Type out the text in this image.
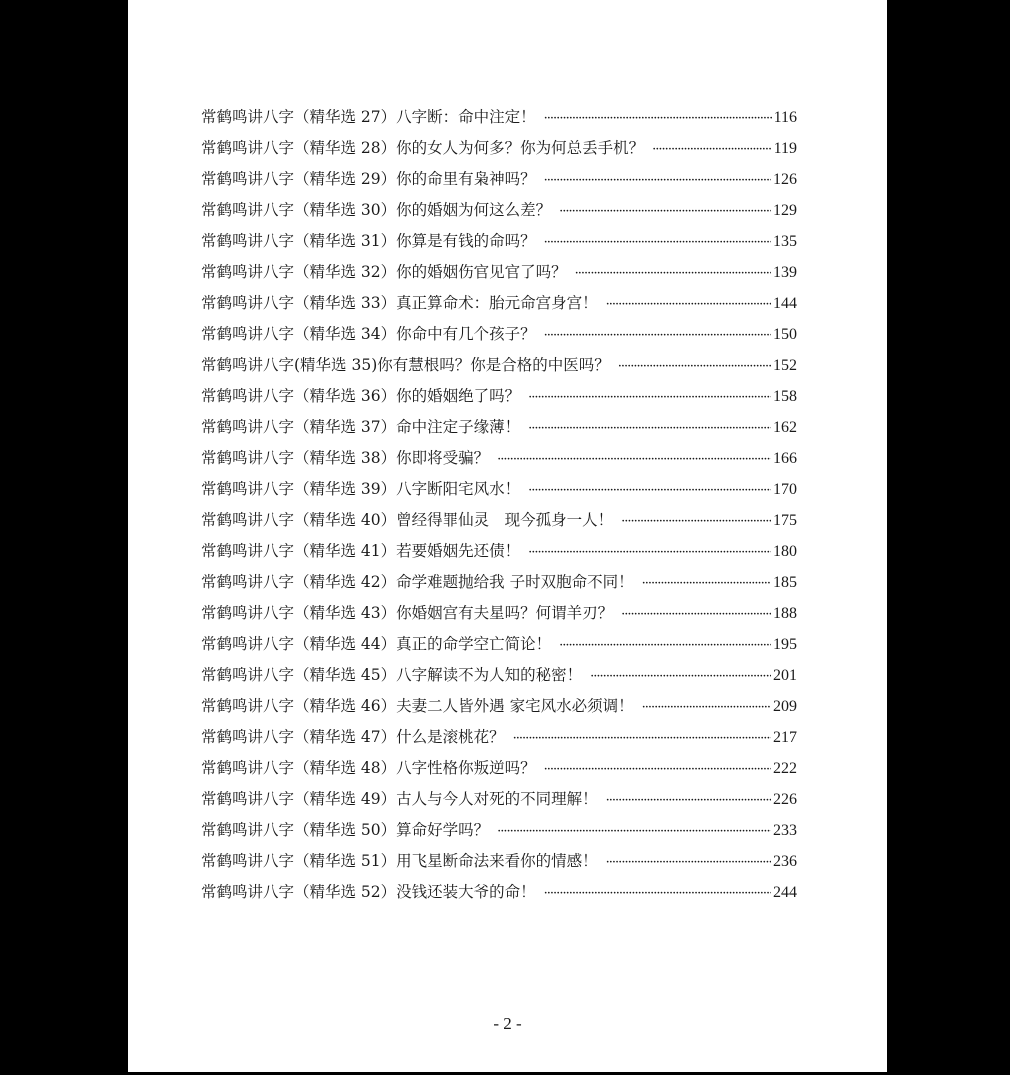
常鹤鸣讲八字（精华选 27）八字断：命中注定！ ·····	116
常鹤鸣讲八字（精华选 28）你的女人为何多？你为何总丢手机？ ·····	119
常鹤鸣讲八字（精华选 29）你的命里有枭神吗？ ·····	126
常鹤鸣讲八字（精华选 30）你的婚姻为何这么差？ ·····	129
常鹤鸣讲八字（精华选 31）你算是有钱的命吗？ ·····	135
常鹤鸣讲八字（精华选 32）你的婚姻伤官见官了吗？ ·····	139
常鹤鸣讲八字（精华选 33）真正算命术：胎元命宫身宫！ ·····	144
常鹤鸣讲八字（精华选 34）你命中有几个孩子？ ·····	150
常鹤鸣讲八字(精华选 35)你有慧根吗？你是合格的中医吗？ ·····	152
常鹤鸣讲八字（精华选 36）你的婚姻绝了吗？ ·····	158
常鹤鸣讲八字（精华选 37）命中注定子缘薄！ ·····	162
常鹤鸣讲八字（精华选 38）你即将受骗？ ·····	166
常鹤鸣讲八字（精华选 39）八字断阳宅风水！ ·····	170
常鹤鸣讲八字（精华选 40）曾经得罪仙灵　现今孤身一人！ ·····	175
常鹤鸣讲八字（精华选 41）若要婚姻先还债！ ·····	180
常鹤鸣讲八字（精华选 42）命学难题抛给我 子时双胞命不同！ ·····	185
常鹤鸣讲八字（精华选 43）你婚姻宫有夫星吗？何谓羊刃？ ·····	188
常鹤鸣讲八字（精华选 44）真正的命学空亡简论！ ·····	195
常鹤鸣讲八字（精华选 45）八字解读不为人知的秘密！ ·····	201
常鹤鸣讲八字（精华选 46）夫妻二人皆外遇 家宅风水必须调！ ·····	209
常鹤鸣讲八字（精华选 47）什么是滚桃花？ ·····	217
常鹤鸣讲八字（精华选 48）八字性格你叛逆吗？ ·····	222
常鹤鸣讲八字（精华选 49）古人与今人对死的不同理解！ ·····	226
常鹤鸣讲八字（精华选 50）算命好学吗？ ·····	233
常鹤鸣讲八字（精华选 51）用飞星断命法来看你的情感！ ·····	236
常鹤鸣讲八字（精华选 52）没钱还装大爷的命！ ·····	244
- 2 -
